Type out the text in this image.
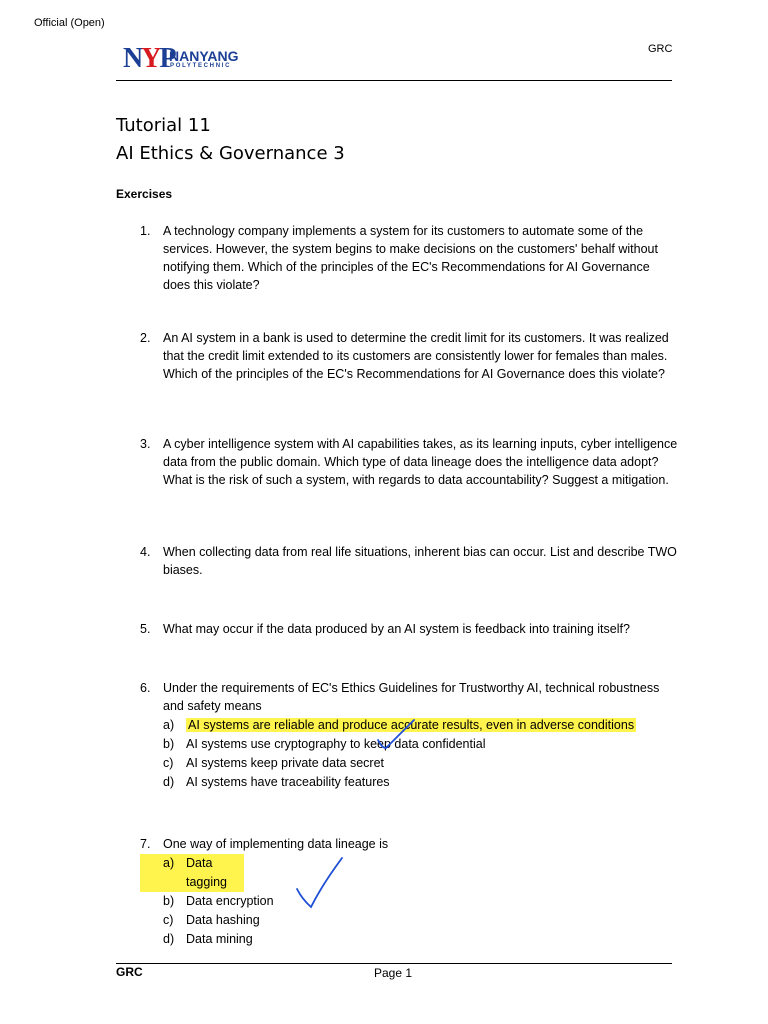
Official (Open)
NYP
NANYANG
POLYTECHNIC
GRC
Tutorial 11
AI Ethics & Governance 3
Exercises
1. A technology company implements a system for its customers to automate some of the services. However, the system begins to make decisions on the customers' behalf without notifying them. Which of the principles of the EC's Recommendations for AI Governance does this violate?
2. An AI system in a bank is used to determine the credit limit for its customers. It was realized that the credit limit extended to its customers are consistently lower for females than males. Which of the principles of the EC's Recommendations for AI Governance does this violate?
3. A cyber intelligence system with AI capabilities takes, as its learning inputs, cyber intelligence data from the public domain. Which type of data lineage does the intelligence data adopt? What is the risk of such a system, with regards to data accountability? Suggest a mitigation.
4. When collecting data from real life situations, inherent bias can occur. List and describe TWO biases.
5. What may occur if the data produced by an AI system is feedback into training itself?
6. Under the requirements of EC's Ethics Guidelines for Trustworthy AI, technical robustness and safety means
a) AI systems are reliable and produce accurate results, even in adverse conditions
b) AI systems use cryptography to keep data confidential
c) AI systems keep private data secret
d) AI systems have traceability features
7. One way of implementing data lineage is
a) Data tagging
b) Data encryption
c) Data hashing
d) Data mining
GRC	Page 1
